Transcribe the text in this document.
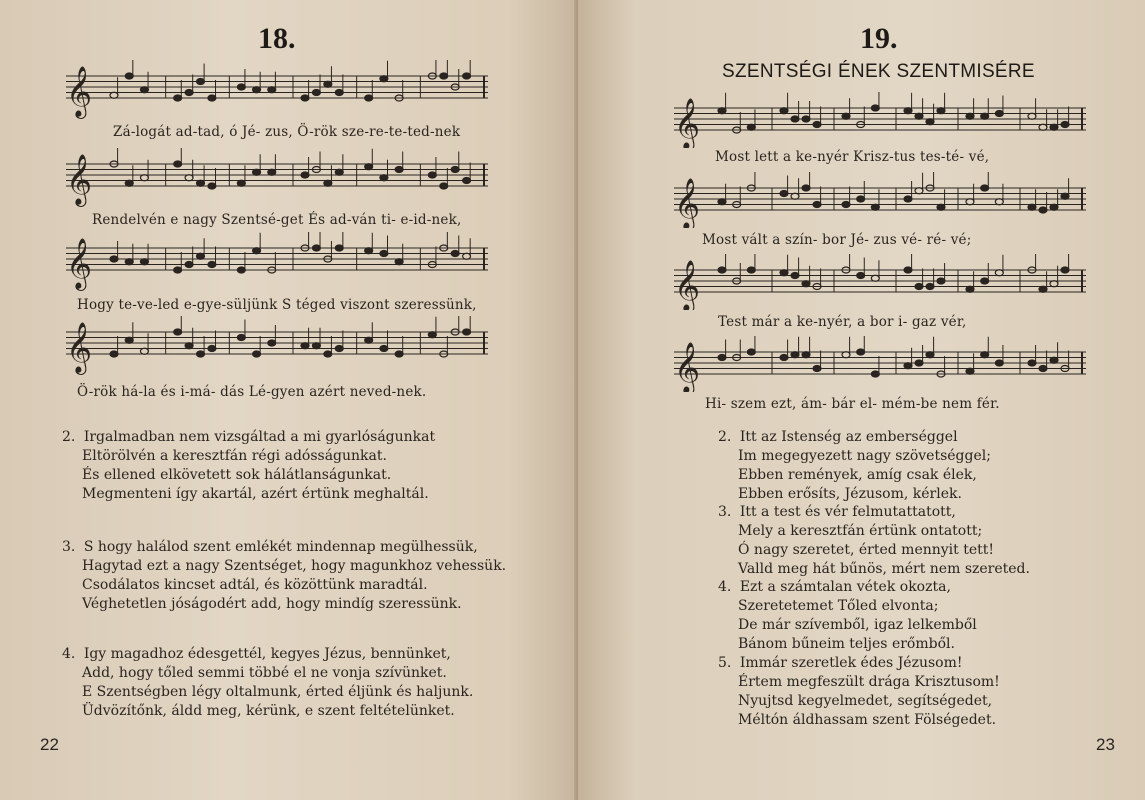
18.
𝄞
Zá-logát ad-tad, ó Jé- zus, Ö-rök sze-re-te-ted-nek
𝄞
Rendelvén e nagy Szentsé-get És ad-ván ti- e-id-nek,
𝄞
Hogy te-ve-led e-gye-süljünk S téged viszont szeressünk,
𝄞
Ö-rök há-la és i-má- dás Lé-gyen azért neved-nek.
2. Irgalmadban nem vizsgáltad a mi gyarlóságunkat
Eltörölvén a keresztfán régi adósságunkat.
És ellened elkövetett sok hálátlanságunkat.
Megmenteni így akartál, azért értünk meghaltál.
3. S hogy halálod szent emlékét mindennap megülhessük,
Hagytad ezt a nagy Szentséget, hogy magunkhoz vehessük.
Csodálatos kincset adtál, és közöttünk maradtál.
Véghetetlen jóságodért add, hogy mindíg szeressünk.
4. Igy magadhoz édesgettél, kegyes Jézus, bennünket,
Add, hogy tőled semmi többé el ne vonja szívünket.
E Szentségben légy oltalmunk, érted éljünk és haljunk.
Üdvözítőnk, áldd meg, kérünk, e szent feltételünket.
22
19.
SZENTSÉGI ÉNEK SZENTMISÉRE
𝄞
Most lett a ke-nyér Krisz-tus tes-té- vé,
𝄞
Most vált a szín- bor Jé- zus vé- ré- vé;
𝄞
Test már a ke-nyér, a bor i- gaz vér,
𝄞
Hi- szem ezt, ám- bár el- mém-be nem fér.
2. Itt az Istenség az emberséggel
Im megegyezett nagy szövetséggel;
Ebben remények, amíg csak élek,
Ebben erősíts, Jézusom, kérlek.
3. Itt a test és vér felmutattatott,
Mely a keresztfán értünk ontatott;
Ó nagy szeretet, érted mennyit tett!
Valld meg hát bűnös, mért nem szereted.
4. Ezt a számtalan vétek okozta,
Szeretetemet Tőled elvonta;
De már szívemből, igaz lelkemből
Bánom bűneim teljes erőmből.
5. Immár szeretlek édes Jézusom!
Értem megfeszült drága Krisztusom!
Nyujtsd kegyelmedet, segítségedet,
Méltón áldhassam szent Fölségedet.
23
